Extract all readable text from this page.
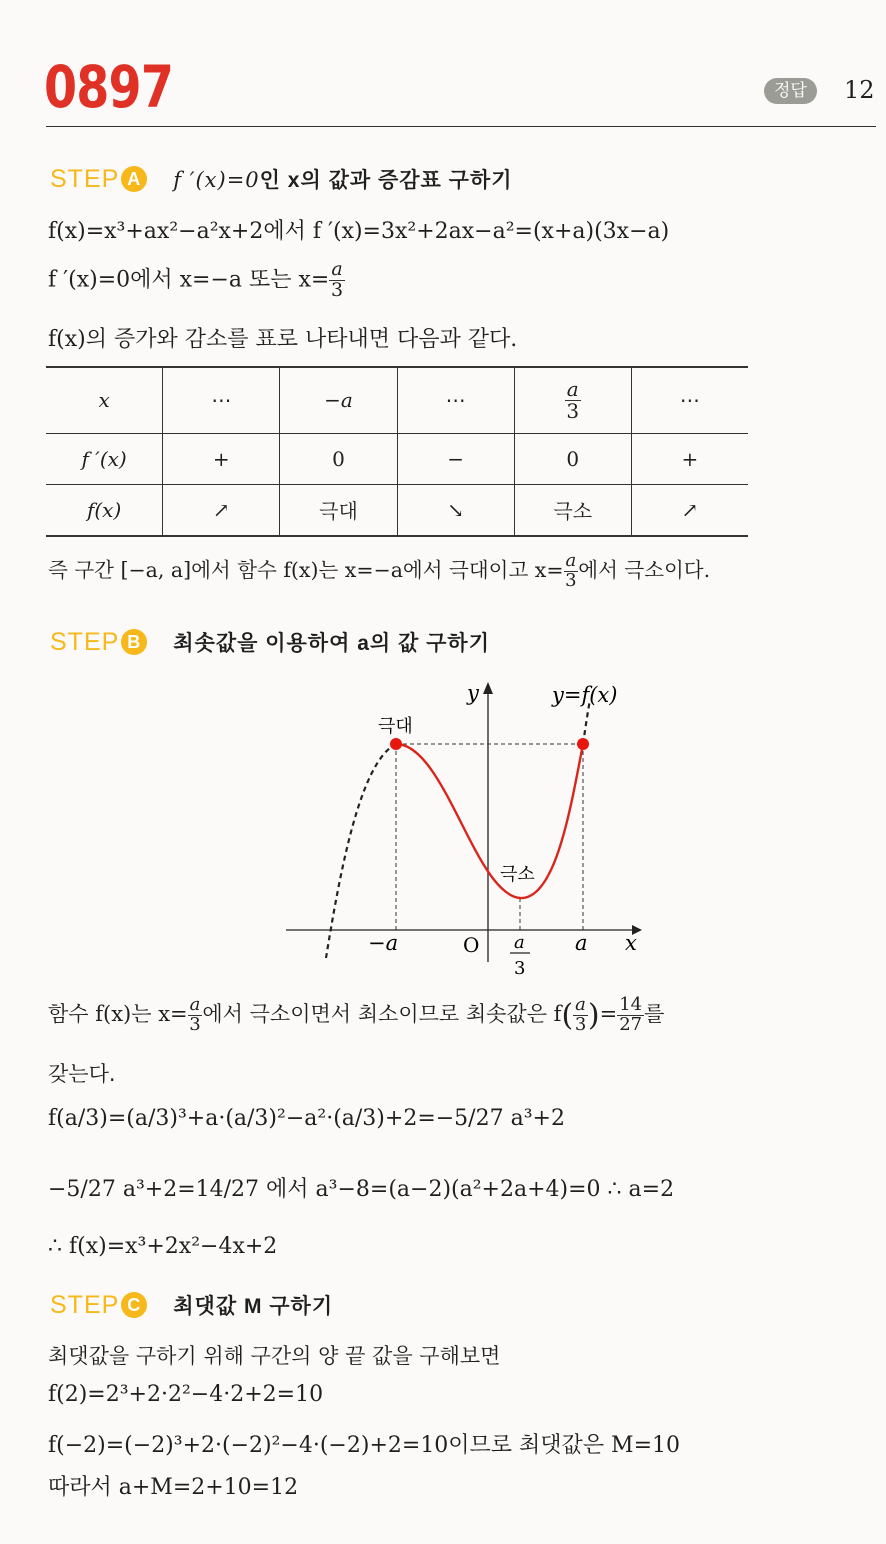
0897	정답	12
STEP A f ′(x)=0인 x의 값과 증감표 구하기
f(x)=x³+ax²−a²x+2에서 f ′(x)=3x²+2ax−a²=(x+a)(3x−a)
f ′(x)=0에서 x=−a 또는 $x= \frac{a}{3}$
f(x)의 증가와 감소를 표로 나타내면 다음과 같다.
x	⋯	−a	⋯	$\frac{a}{3}$	⋯
f ′(x)	+	0	−	0	+
f(x)	↗	극대	↘	극소	↗
즉 구간 [−a, a]에서 함수 f(x)는 x=−a에서 극대이고 $x= \frac{a}{3}$ 에서 극소이다.
STEP B 최솟값을 이용하여 a의 값 구하기
y	y=f(x)
극대
극소
−a	O a
3
a x
함수 f(x)는 $x= \frac{a}{3}$ 에서 극소이면서 최소이므로 최솟값은 $f( \frac{a}{3}$ )= $\frac{14}{27}$ 를
갖는다.
f(a/3)=(a/3)³+a·(a/3)²−a²·(a/3)+2=−5/27 a³+2
−5/27 a³+2=14/27 에서 a³−8=(a−2)(a²+2a+4)=0 ∴ a=2
∴ f(x)=x³+2x²−4x+2
STEP C 최댓값 M 구하기
최댓값을 구하기 위해 구간의 양 끝 값을 구해보면
f(2)=2³+2·2²−4·2+2=10
f(−2)=(−2)³+2·(−2)²−4·(−2)+2=10이므로 최댓값은 M=10
따라서 a+M=2+10=12
